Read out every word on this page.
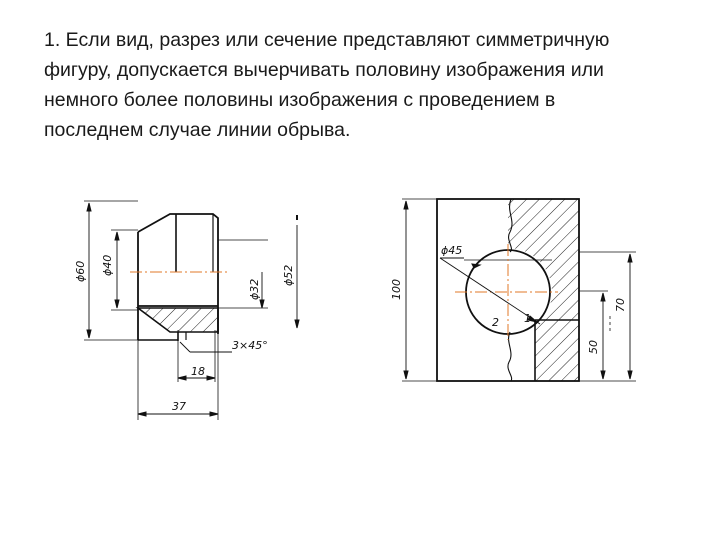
1. Если вид, разрез или сечение представляют симметричную
фигуру, допускается вычерчивать половину изображения или
немного более половины изображения с проведением в
последнем случае линии обрыва.
ϕ60 ϕ40
ϕ32
ϕ52
3×45°
18
37
100
ϕ45
70
50
2 1
